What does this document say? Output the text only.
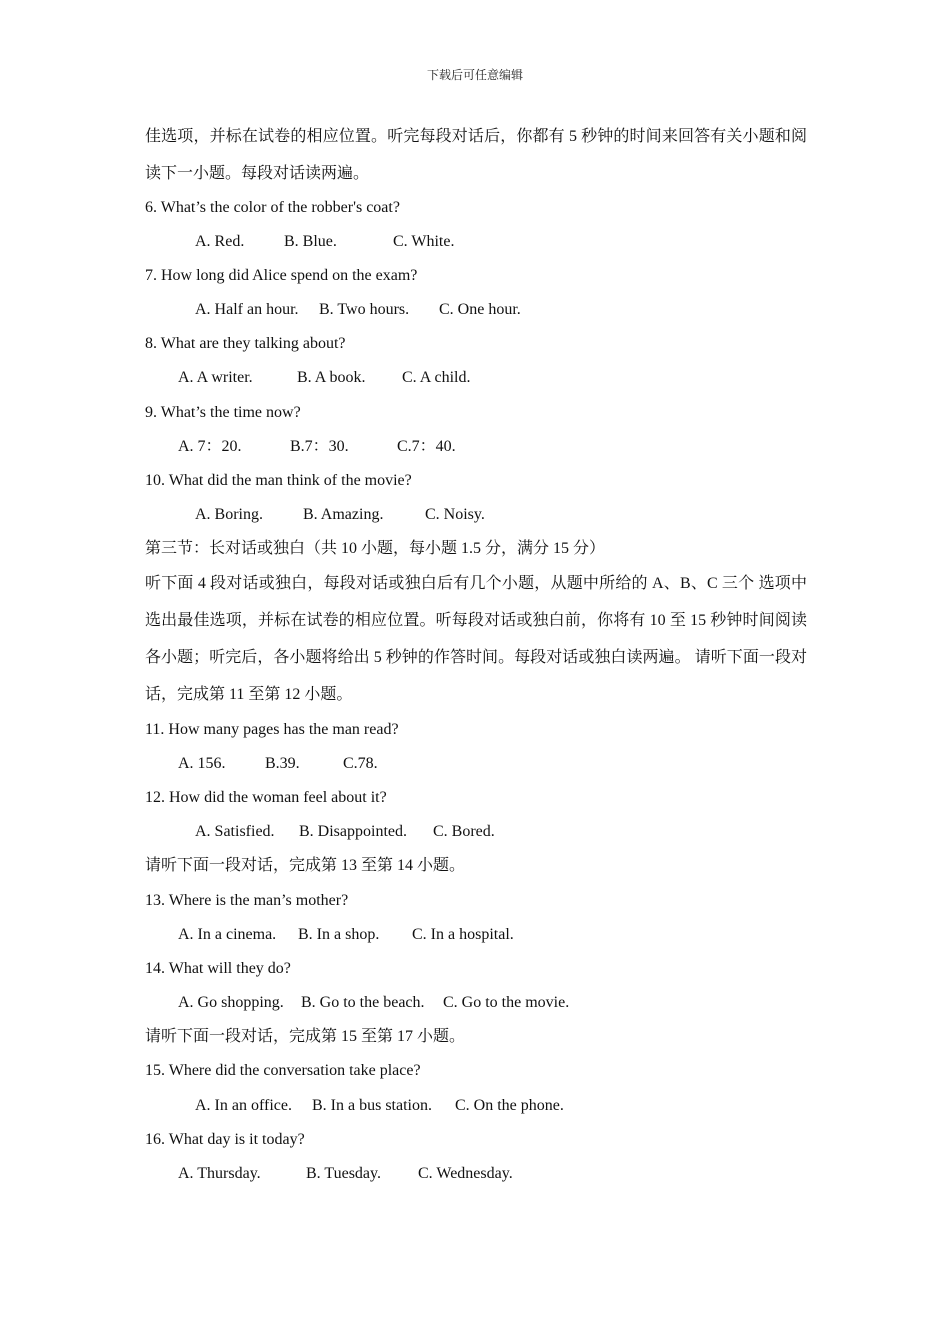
下载后可任意编辑
佳选项，并标在试卷的相应位置。听完每段对话后，你都有 5 秒钟的时间来回答有关小题和阅读下一小题。每段对话读两遍。
6. What’s the color of the robber's coat?
A. Red. B. Blue.	C. White.
7. How long did Alice spend on the exam?
A. Half an hour. B. Two hours. C. One hour.
8. What are they talking about?
A. A writer.	B. A book. C. A child.
9. What’s the time now?
A. 7：20.	B.7：30.	C.7：40.
10. What did the man think of the movie?
A. Boring.	B. Amazing.	C. Noisy.
第三节：长对话或独白（共 10 小题，每小题 1.5 分，满分 15 分）
听下面 4 段对话或独白，每段对话或独白后有几个小题，从题中所给的 A、B、C 三个 选项中选出最佳选项，并标在试卷的相应位置。听每段对话或独白前，你将有 10 至 15 秒钟时间阅读各小题；听完后，各小题将给出 5 秒钟的作答时间。每段对话或独白读两遍。 请听下面一段对话，完成第 11 至第 12 小题。
11. How many pages has the man read?
A. 156. B.39.	C.78.
12. How did the woman feel about it?
A. Satisfied. B. Disappointed. C. Bored.
请听下面一段对话，完成第 13 至第 14 小题。
13. Where is the man’s mother?
A. In a cinema. B. In a shop. C. In a hospital.
14. What will they do?
A. Go shopping. B. Go to the beach. C. Go to the movie.
请听下面一段对话，完成第 15 至第 17 小题。
15. Where did the conversation take place?
A. In an office. B. In a bus station. C. On the phone.
16. What day is it today?
A. Thursday.	B. Tuesday. C. Wednesday.
